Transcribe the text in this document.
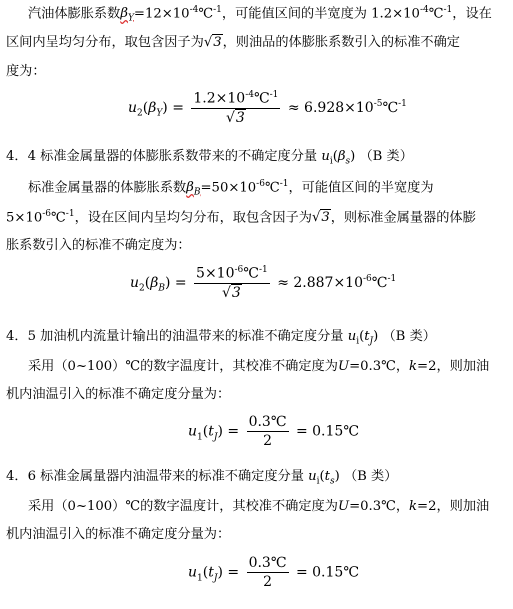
汽油体膨胀系数$\beta_Y=12\times 10^{-4}℃^{-1}$，可能值区间的半宽度为 $1.2\times 10^{-4}℃^{-1}$，设在
区间内呈均匀分布，取包含因子为√3，则油品的体膨胀系数引入的标准不确定
度为：
$u_2(\beta_Y) = \frac{1.2\times 10^{-4}℃^{-1}}{√3}$ ≈ $6.928\times 10^{-5}℃^{-1}$
4．4 标准金属量器的体膨胀系数带来的不确定度分量 $u_i(\beta_s)$ （B 类）
标准金属量器的体膨胀系数$\beta_B=50\times 10^{-6}℃^{-1}$，可能值区间的半宽度为
$5\times 10^{-6}℃^{-1}$，设在区间内呈均匀分布，取包含因子为√3，则标准金属量器的体膨
胀系数引入的标准不确定度为：
$u_2(\beta_B) = \frac{5\times 10^{-6}℃^{-1}}{√3}$ ≈ $2.887\times 10^{-6}℃^{-1}$
4．5 加油机内流量计输出的油温带来的标准不确定度分量 $u_i(t_J)$ （B 类）
采用（0~100）℃的数字温度计，其校准不确定度为U=0.3℃，k=2，则加油
机内油温引入的标准不确定度分量为：
$u_1(t_J) = \frac{0.3℃}{2}$ = 0.15℃
4．6 标准金属量器内油温带来的标准不确定度分量 $u_i(t_s)$ （B 类）
采用（0~100）℃的数字温度计，其校准不确定度为U=0.3℃，k=2，则加油
机内油温引入的标准不确定度分量为：
$u_1(t_J) = \frac{0.3℃}{2}$ = 0.15℃
